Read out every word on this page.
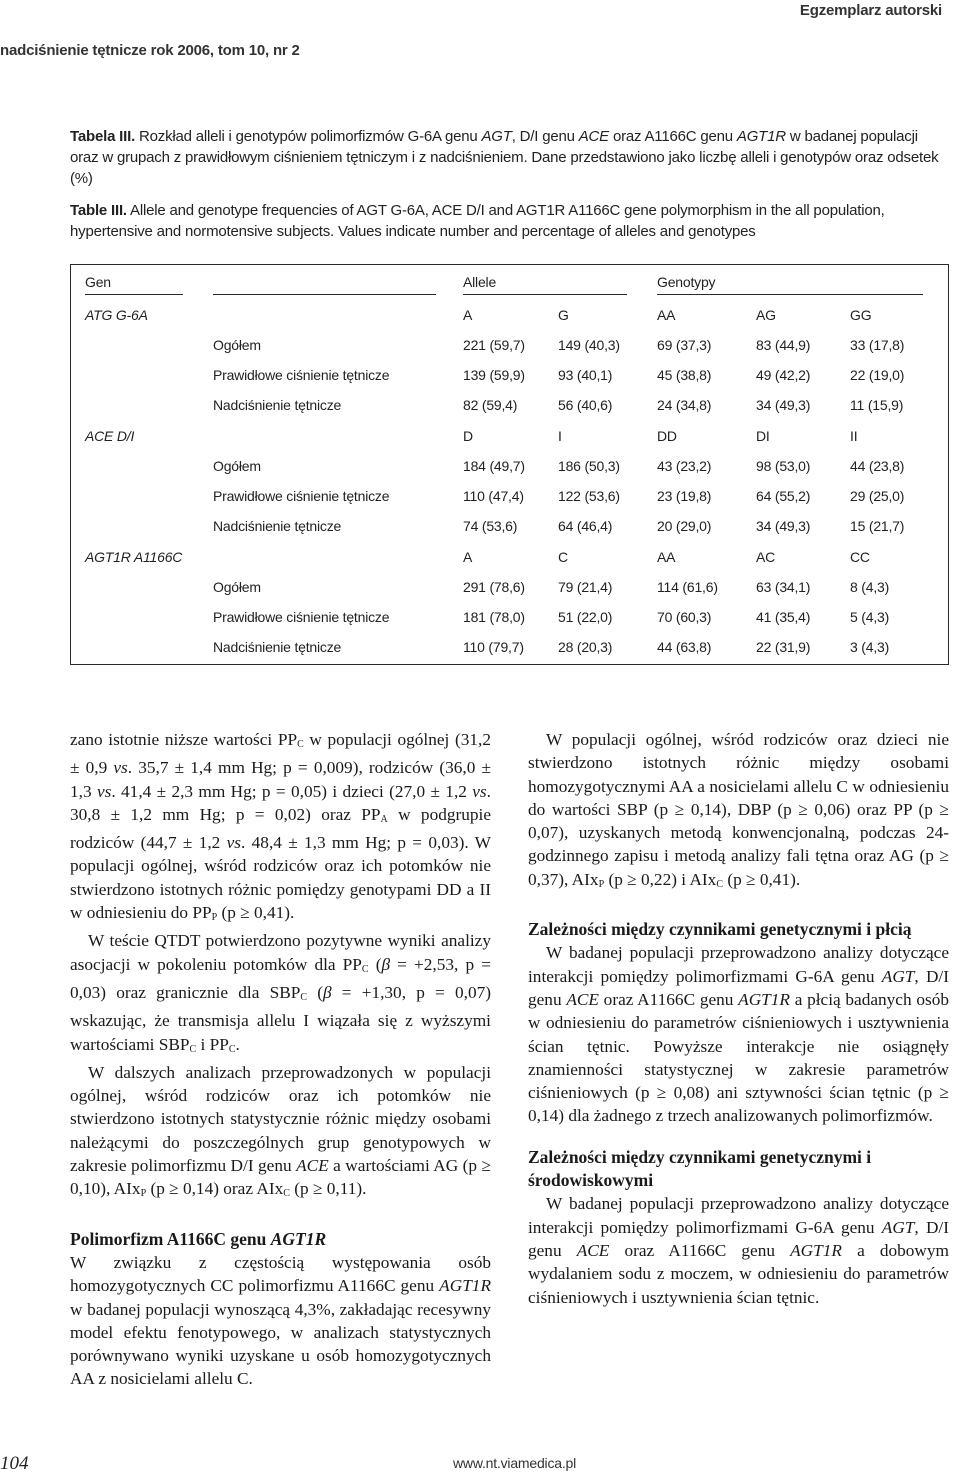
Egzemplarz autorski
nadciśnienie tętnicze rok 2006, tom 10, nr 2
Tabela III. Rozkład alleli i genotypów polimorfizmów G-6A genu AGT, D/I genu ACE oraz A1166C genu AGT1R w badanej populacji oraz w grupach z prawidłowym ciśnieniem tętniczym i z nadciśnieniem. Dane przedstawiono jako liczbę alleli i genotypów oraz odsetek (%)
Table III. Allele and genotype frequencies of AGT G-6A, ACE D/I and AGT1R A1166C gene polymorphism in the all population, hypertensive and normotensive subjects. Values indicate number and percentage of alleles and genotypes
Gen	Allele	Genotypy
ATG G-6A	A	G	AA	AG	GG
Ogółem	221 (59,7) 149 (40,3)	69 (37,3)	83 (44,9)	33 (17,8)
Prawidłowe ciśnienie tętnicze	139 (59,9) 93 (40,1)	45 (38,8)	49 (42,2)	22 (19,0)
Nadciśnienie tętnicze	82 (59,4)	56 (40,6)	24 (34,8)	34 (49,3)	11 (15,9)
ACE D/I	D	I	DD	DI	II
Ogółem	184 (49,7) 186 (50,3)	43 (23,2)	98 (53,0)	44 (23,8)
Prawidłowe ciśnienie tętnicze	110 (47,4) 122 (53,6)	23 (19,8)	64 (55,2)	29 (25,0)
Nadciśnienie tętnicze	74 (53,6)	64 (46,4)	20 (29,0)	34 (49,3)	15 (21,7)
AGT1R A1166C	A	C	AA	AC	CC
Ogółem	291 (78,6) 79 (21,4)	114 (61,6)	63 (34,1)	8 (4,3)
Prawidłowe ciśnienie tętnicze	181 (78,0) 51 (22,0)	70 (60,3)	41 (35,4)	5 (4,3)
Nadciśnienie tętnicze	110 (79,7) 28 (20,3)	44 (63,8)	22 (31,9)	3 (4,3)

zano istotnie niższe wartości $PP_C$ w populacji ogólnej (31,2 ± 0,9 vs. 35,7 ± 1,4 mm Hg; p = 0,009), rodziców (36,0 ± 1,3 vs. 41,4 ± 2,3 mm Hg; p = 0,05) i dzieci (27,0 ± 1,2 vs. 30,8 ± 1,2 mm Hg; p = 0,02) oraz $PP_A$ w podgrupie rodziców (44,7 ± 1,2 vs. 48,4 ± 1,3 mm Hg; p = 0,03). W populacji ogólnej, wśród rodziców oraz ich potomków nie stwierdzono istotnych różnic pomiędzy genotypami DD a II w odniesieniu do $PP_P$ (p ≥ 0,41).

W teście QTDT potwierdzono pozytywne wyniki analizy asocjacji w pokoleniu potomków dla $PP_C$ (β = +2,53, p = 0,03) oraz granicznie dla $SBP_C$ (β = +1,30, p = 0,07) wskazując, że transmisja allelu I wiązała się z wyższymi wartościami $SBP_C$ i $PP_C$.

W dalszych analizach przeprowadzonych w populacji ogólnej, wśród rodziców oraz ich potomków nie stwierdzono istotnych statystycznie różnic między osobami należącymi do poszczególnych grup genotypowych w zakresie polimorfizmu D/I genu ACE a wartościami AG (p ≥ 0,10), AIx$_P$ (p ≥ 0,14) oraz AIx$_C$ (p ≥ 0,11).

Polimorfizm A1166C genu AGT1R

W związku z częstością występowania osób homozygotycznych CC polimorfizmu A1166C genu AGT1R w badanej populacji wynoszącą 4,3%, zakładając recesywny model efektu fenotypowego, w analizach statystycznych porównywano wyniki uzyskane u osób homozygotycznych AA z nosicielami allelu C.

W populacji ogólnej, wśród rodziców oraz dzieci nie stwierdzono istotnych różnic między osobami homozygotycznymi AA a nosicielami allelu C w odniesieniu do wartości SBP (p ≥ 0,14), DBP (p ≥ 0,06) oraz PP (p ≥ 0,07), uzyskanych metodą konwencjonalną, podczas 24-godzinnego zapisu i metodą analizy fali tętna oraz AG (p ≥ 0,37), AIx$_P$ (p ≥ 0,22) i AIx$_C$ (p ≥ 0,41).

Zależności między czynnikami genetycznymi i płcią

W badanej populacji przeprowadzono analizy dotyczące interakcji pomiędzy polimorfizmami G-6A genu AGT, D/I genu ACE oraz A1166C genu AGT1R a płcią badanych osób w odniesieniu do parametrów ciśnieniowych i usztywnienia ścian tętnic. Powyższe interakcje nie osiągnęły znamienności statystycznej w zakresie parametrów ciśnieniowych (p ≥ 0,08) ani sztywności ścian tętnic (p ≥ 0,14) dla żadnego z trzech analizowanych polimorfizmów.

Zależności między czynnikami genetycznymi i środowiskowymi

W badanej populacji przeprowadzono analizy dotyczące interakcji pomiędzy polimorfizmami G-6A genu AGT, D/I genu ACE oraz A1166C genu AGT1R a dobowym wydalaniem sodu z moczem, w odniesieniu do parametrów ciśnieniowych i usztywnienia ścian tętnic.

104	www.nt.viamedica.pl
